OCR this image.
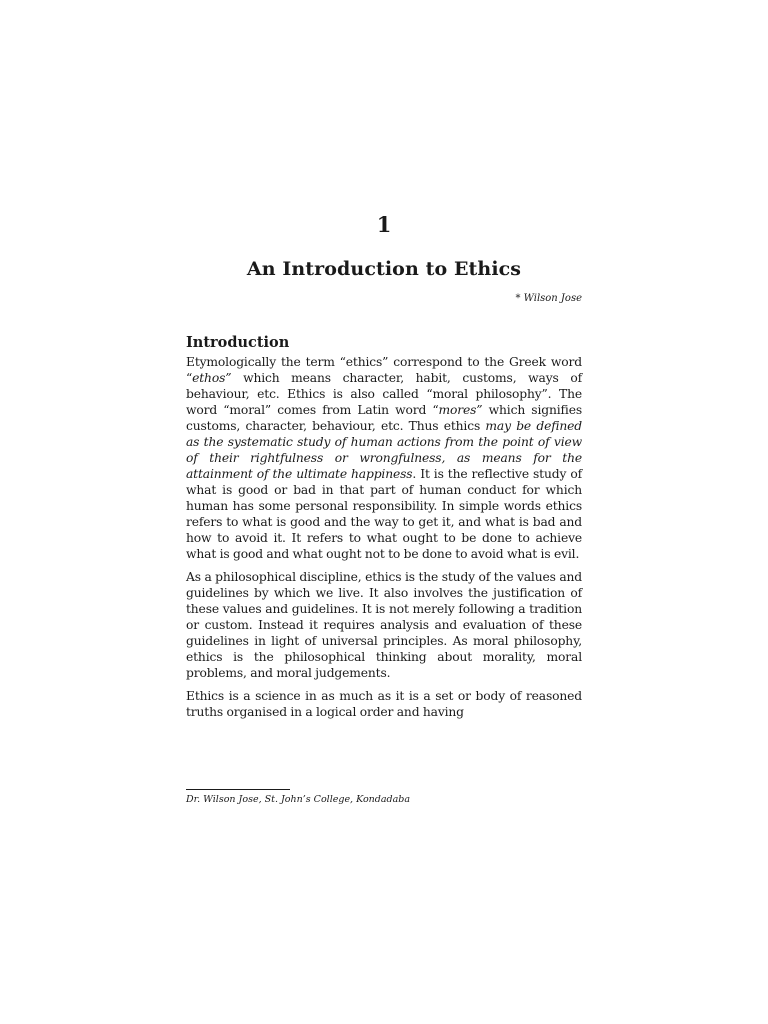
1
An Introduction to Ethics
* Wilson Jose
Introduction

Etymologically the term “ethics” correspond to the Greek word “ethos” which means character, habit, customs, ways of behaviour, etc. Ethics is also called “moral philosophy”. The word “moral” comes from Latin word “mores” which signifies customs, character, behaviour, etc. Thus ethics may be defined as the systematic study of human actions from the point of view of their rightfulness or wrongfulness, as means for the attainment of the ultimate happiness. It is the reflective study of what is good or bad in that part of human conduct for which human has some personal responsibility. In simple words ethics refers to what is good and the way to get it, and what is bad and how to avoid it. It refers to what ought to be done to achieve what is good and what ought not to be done to avoid what is evil.

As a philosophical discipline, ethics is the study of the values and guidelines by which we live. It also involves the justification of these values and guidelines. It is not merely following a tradition or custom. Instead it requires analysis and evaluation of these guidelines in light of universal principles. As moral philosophy, ethics is the philosophical thinking about morality, moral problems, and moral judgements.

Ethics is a science in as much as it is a set or body of reasoned truths organised in a logical order and having

Dr. Wilson Jose, St. John’s College, Kondadaba
